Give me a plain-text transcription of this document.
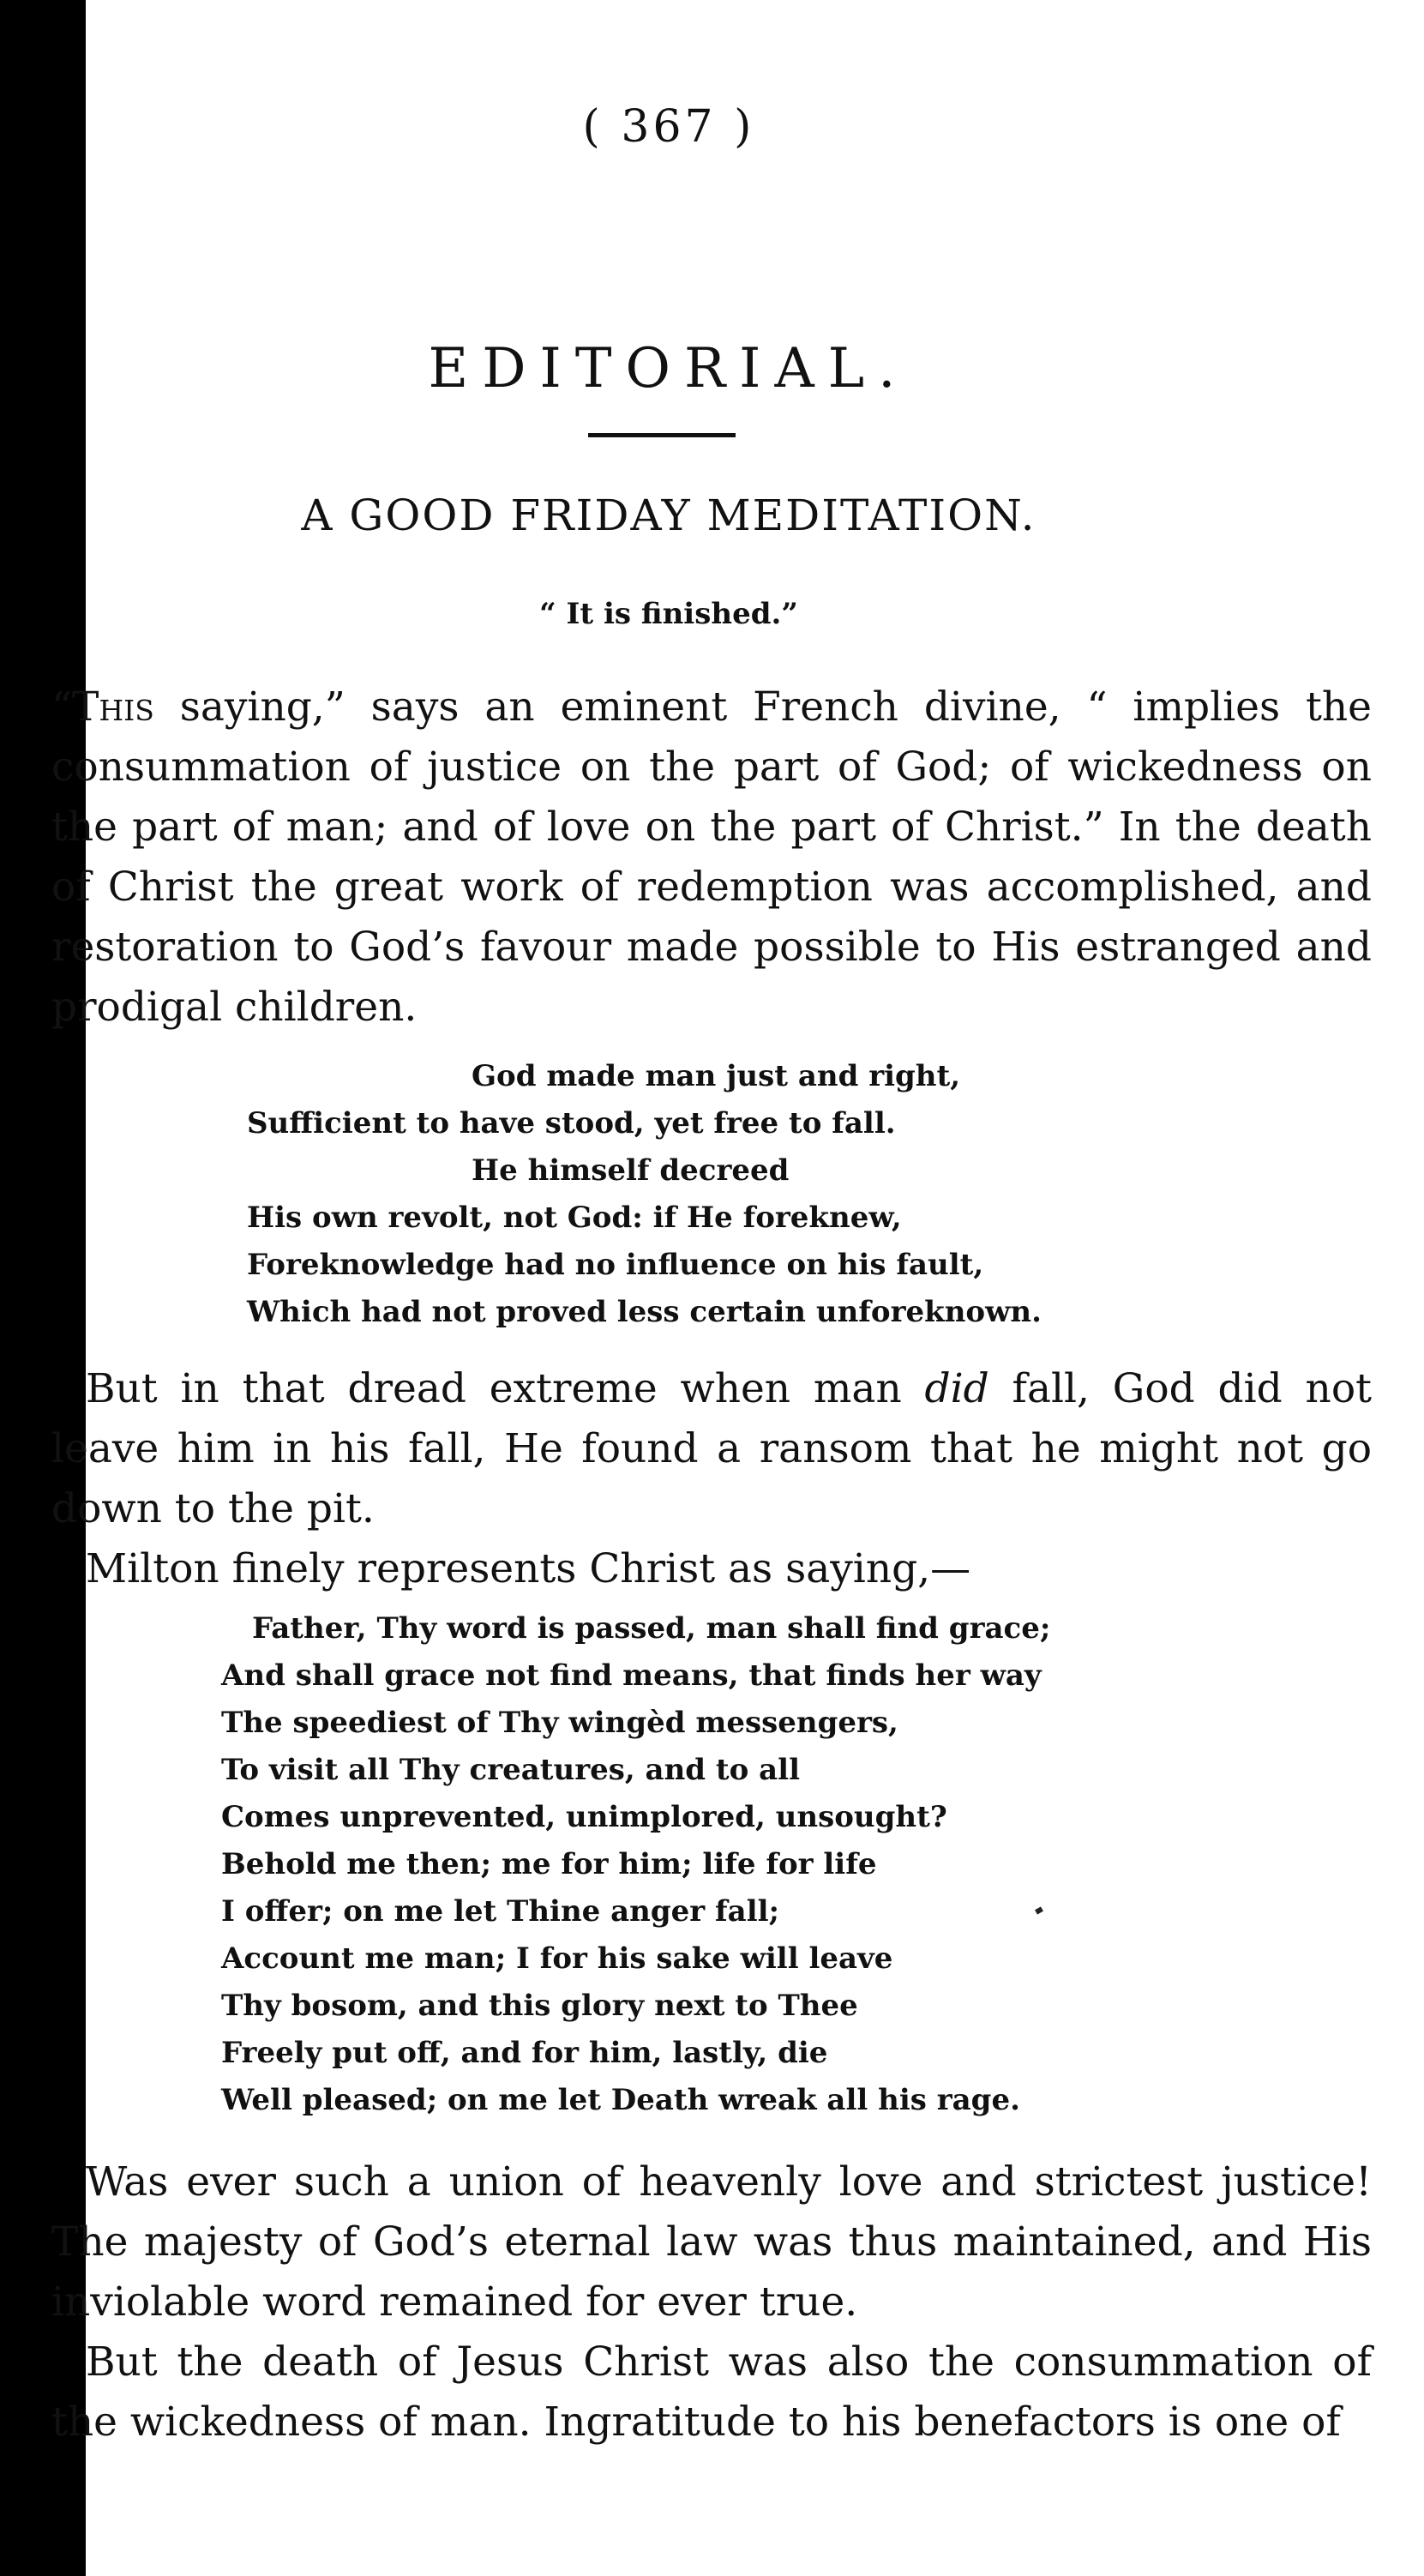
( 367 )
EDITORIAL.
A GOOD FRIDAY MEDITATION.
“ It is finished.”

“This saying,” says an eminent French divine, “ implies the consummation of justice on the part of God; of wickedness on the part of man; and of love on the part of Christ.” In the death of Christ the great work of redemption was accomplished, and restoration to God’s favour made possible to His estranged and prodigal children.

God made man just and right,
Sufficient to have stood, yet free to fall.
He himself decreed
His own revolt, not God: if He foreknew,
Foreknowledge had no influence on his fault,
Which had not proved less certain unforeknown.

But in that dread extreme when man did fall, God did not leave him in his fall, He found a ransom that he might not go down to the pit.

Milton finely represents Christ as saying,—

Father, Thy word is passed, man shall find grace;
And shall grace not find means, that finds her way
The speediest of Thy wingèd messengers,
To visit all Thy creatures, and to all
Comes unprevented, unimplored, unsought?
Behold me then; me for him; life for life
I offer; on me let Thine anger fall;
Account me man; I for his sake will leave
Thy bosom, and this glory next to Thee
Freely put off, and for him, lastly, die
Well pleased; on me let Death wreak all his rage.

Was ever such a union of heavenly love and strictest justice! The majesty of God’s eternal law was thus maintained, and His inviolable word remained for ever true.

But the death of Jesus Christ was also the consummation of the wickedness of man. Ingratitude to his benefactors is one of
